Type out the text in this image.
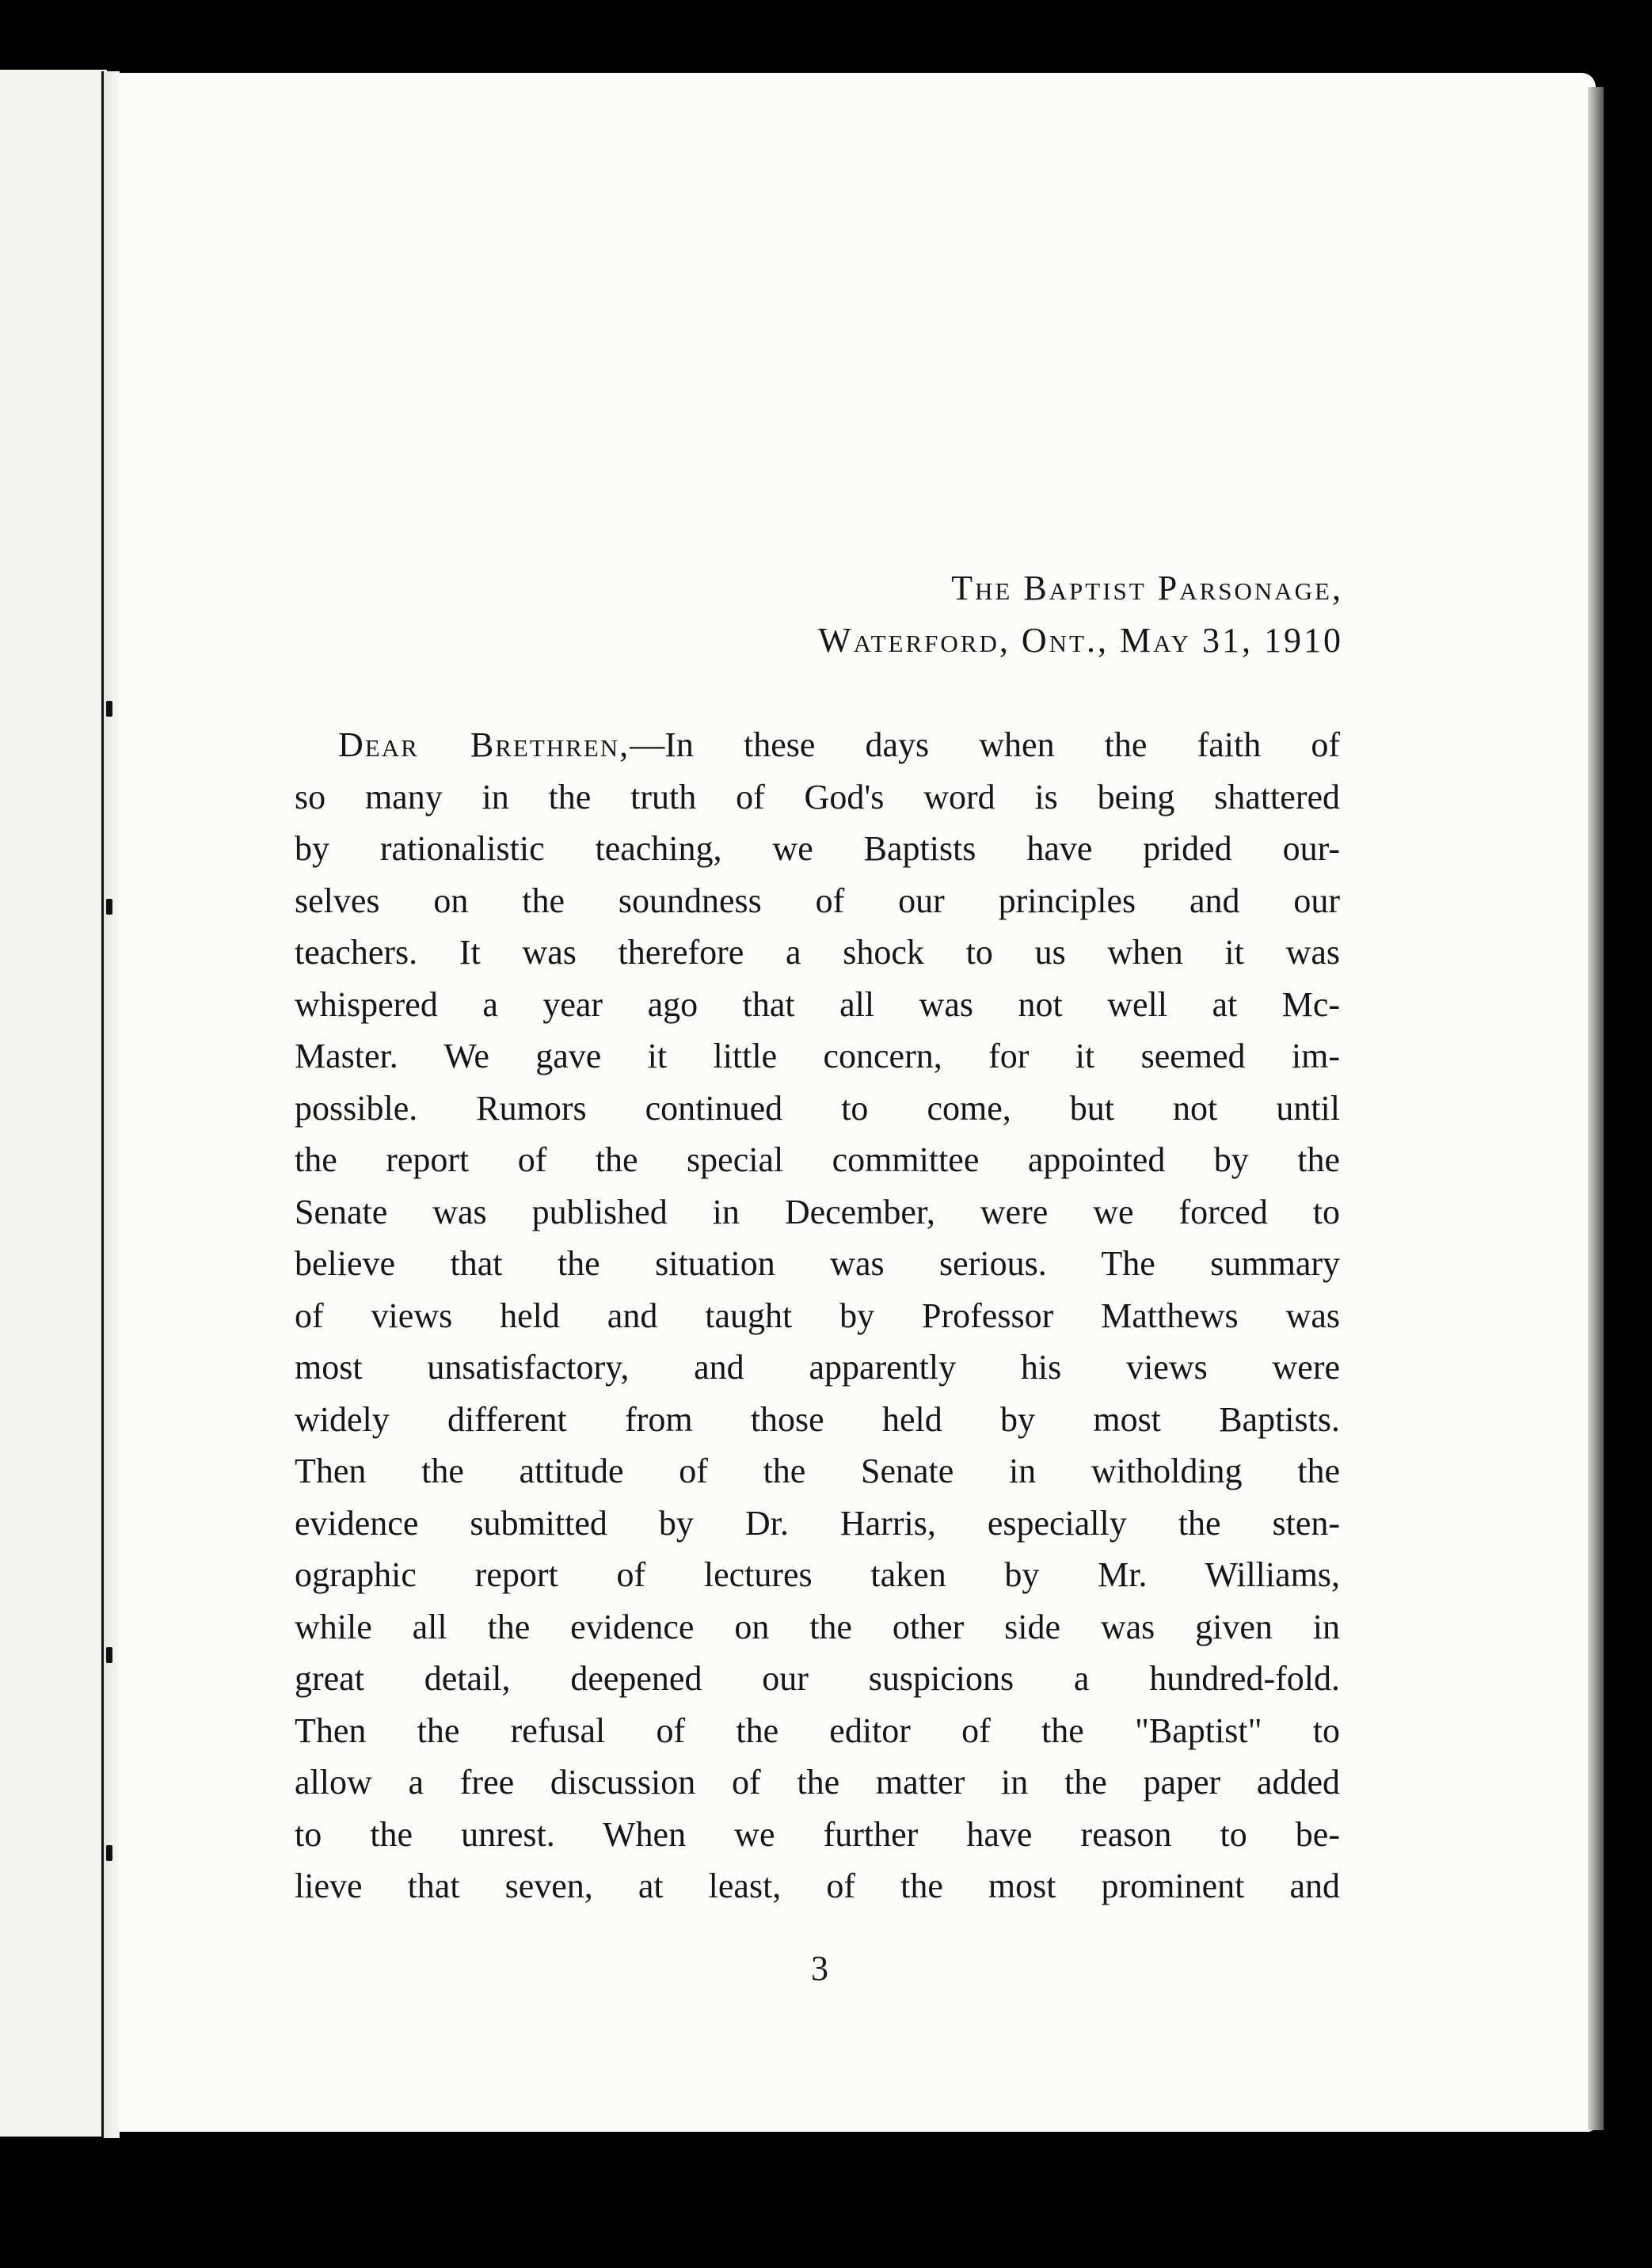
The Baptist Parsonage,
Waterford, Ont., May 31, 1910
Dear Brethren,—In these days when the faith of
so many in the truth of God's word is being shattered
by rationalistic teaching, we Baptists have prided our-
selves on the soundness of our principles and our
teachers. It was therefore a shock to us when it was
whispered a year ago that all was not well at Mc-
Master. We gave it little concern, for it seemed im-
possible. Rumors continued to come, but not until
the report of the special committee appointed by the
Senate was published in December, were we forced to
believe that the situation was serious. The summary
of views held and taught by Professor Matthews was
most unsatisfactory, and apparently his views were
widely different from those held by most Baptists.
Then the attitude of the Senate in witholding the
evidence submitted by Dr. Harris, especially the sten-
ographic report of lectures taken by Mr. Williams,
while all the evidence on the other side was given in
great detail, deepened our suspicions a hundred-fold.
Then the refusal of the editor of the "Baptist" to
allow a free discussion of the matter in the paper added
to the unrest. When we further have reason to be-
lieve that seven, at least, of the most prominent and
3
